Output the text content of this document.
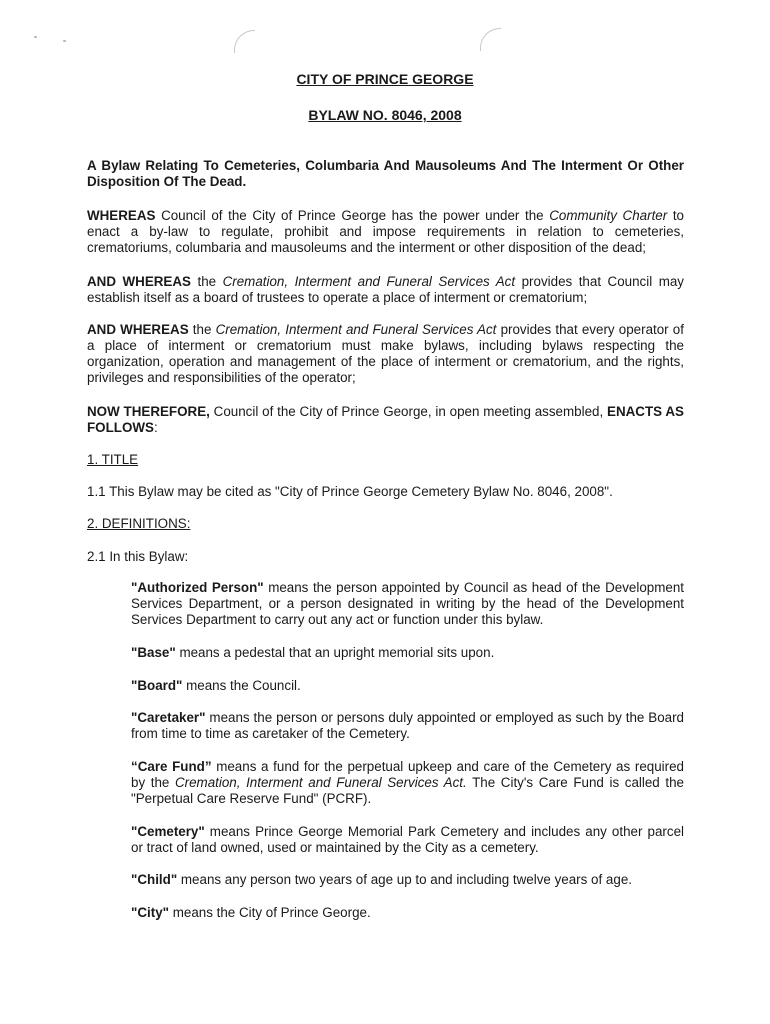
CITY OF PRINCE GEORGE
BYLAW NO. 8046, 2008

A Bylaw Relating To Cemeteries, Columbaria And Mausoleums And The Interment Or Other Disposition Of The Dead.

WHEREAS Council of the City of Prince George has the power under the Community Charter to enact a by-law to regulate, prohibit and impose requirements in relation to cemeteries, crematoriums, columbaria and mausoleums and the interment or other disposition of the dead;

AND WHEREAS the Cremation, Interment and Funeral Services Act provides that Council may establish itself as a board of trustees to operate a place of interment or crematorium;

AND WHEREAS the Cremation, Interment and Funeral Services Act provides that every operator of a place of interment or crematorium must make bylaws, including bylaws respecting the organization, operation and management of the place of interment or crematorium, and the rights, privileges and responsibilities of the operator;

NOW THEREFORE, Council of the City of Prince George, in open meeting assembled, ENACTS AS FOLLOWS:

1. TITLE

1.1 This Bylaw may be cited as "City of Prince George Cemetery Bylaw No. 8046, 2008".

2. DEFINITIONS:

2.1 In this Bylaw:

"Authorized Person" means the person appointed by Council as head of the Development Services Department, or a person designated in writing by the head of the Development Services Department to carry out any act or function under this bylaw.

"Base" means a pedestal that an upright memorial sits upon.

"Board" means the Council.

"Caretaker" means the person or persons duly appointed or employed as such by the Board from time to time as caretaker of the Cemetery.

“Care Fund” means a fund for the perpetual upkeep and care of the Cemetery as required by the Cremation, Interment and Funeral Services Act. The City's Care Fund is called the "Perpetual Care Reserve Fund" (PCRF).

"Cemetery" means Prince George Memorial Park Cemetery and includes any other parcel or tract of land owned, used or maintained by the City as a cemetery.

"Child" means any person two years of age up to and including twelve years of age.

"City" means the City of Prince George.
